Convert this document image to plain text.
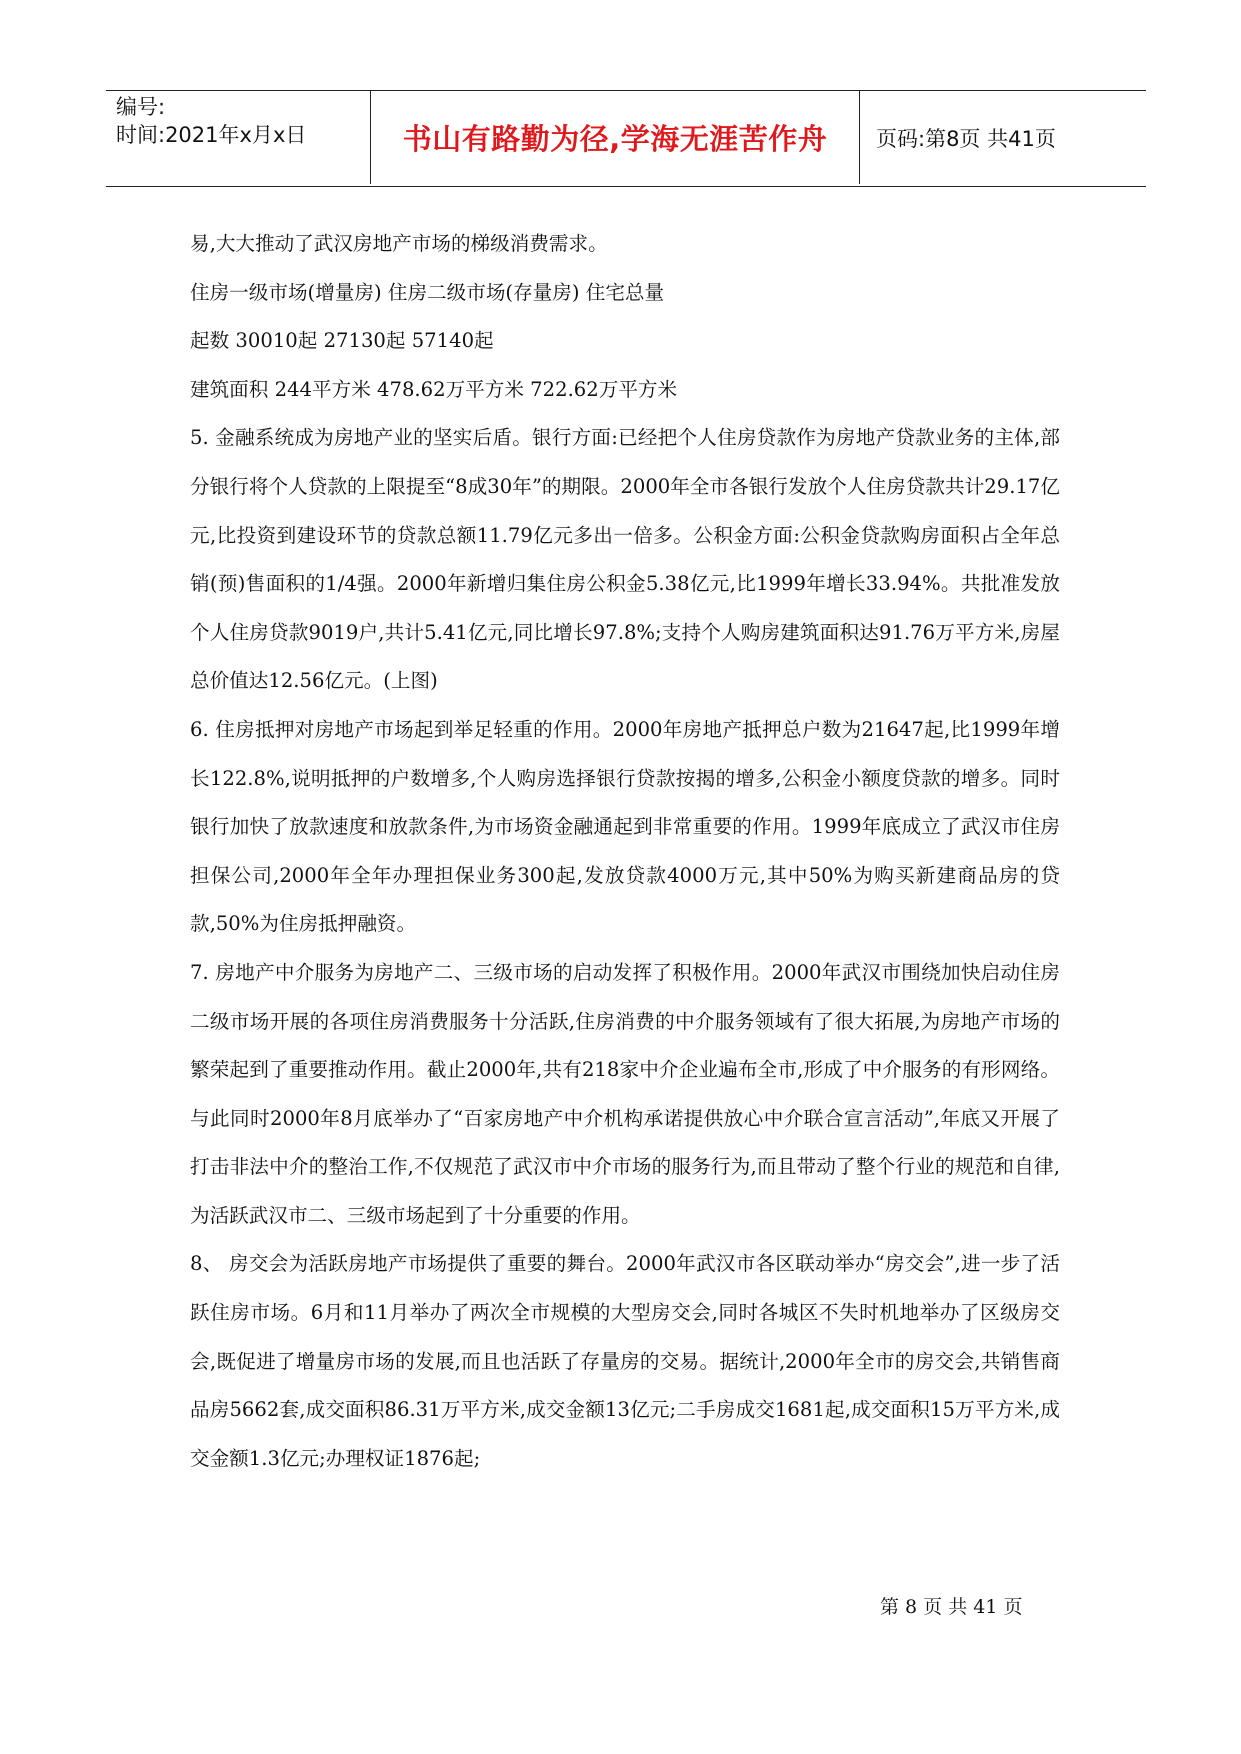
编号:
时间:2021年x月x日	书山有路勤为径,学海无涯苦作舟	页码:第8页 共41页

易,大大推动了武汉房地产市场的梯级消费需求。

住房一级市场(增量房) 住房二级市场(存量房) 住宅总量

起数 30010起 27130起 57140起

建筑面积 244平方米 478.62万平方米 722.62万平方米

5. 金融系统成为房地产业的坚实后盾。银行方面:已经把个人住房贷款作为房地产贷款业务的主体,部分银行将个人贷款的上限提至“8成30年”的期限。2000年全市各银行发放个人住房贷款共计29.17亿元,比投资到建设环节的贷款总额11.79亿元多出一倍多。公积金方面:公积金贷款购房面积占全年总销(预)售面积的1/4强。2000年新增归集住房公积金5.38亿元,比1999年增长33.94%。共批准发放个人住房贷款9019户,共计5.41亿元,同比增长97.8%;支持个人购房建筑面积达91.76万平方米,房屋总价值达12.56亿元。(上图)

6. 住房抵押对房地产市场起到举足轻重的作用。2000年房地产抵押总户数为21647起,比1999年增长122.8%,说明抵押的户数增多,个人购房选择银行贷款按揭的增多,公积金小额度贷款的增多。同时银行加快了放款速度和放款条件,为市场资金融通起到非常重要的作用。1999年底成立了武汉市住房担保公司,2000年全年办理担保业务300起,发放贷款4000万元,其中50%为购买新建商品房的贷款,50%为住房抵押融资。

7. 房地产中介服务为房地产二、三级市场的启动发挥了积极作用。2000年武汉市围绕加快启动住房二级市场开展的各项住房消费服务十分活跃,住房消费的中介服务领域有了很大拓展,为房地产市场的繁荣起到了重要推动作用。截止2000年,共有218家中介企业遍布全市,形成了中介服务的有形网络。与此同时2000年8月底举办了“百家房地产中介机构承诺提供放心中介联合宣言活动”,年底又开展了打击非法中介的整治工作,不仅规范了武汉市中介市场的服务行为,而且带动了整个行业的规范和自律,为活跃武汉市二、三级市场起到了十分重要的作用。

8、 房交会为活跃房地产市场提供了重要的舞台。2000年武汉市各区联动举办“房交会”,进一步了活跃住房市场。6月和11月举办了两次全市规模的大型房交会,同时各城区不失时机地举办了区级房交会,既促进了增量房市场的发展,而且也活跃了存量房的交易。据统计,2000年全市的房交会,共销售商品房5662套,成交面积86.31万平方米,成交金额13亿元;二手房成交1681起,成交面积15万平方米,成交金额1.3亿元;办理权证1876起;

第 8 页 共 41 页
